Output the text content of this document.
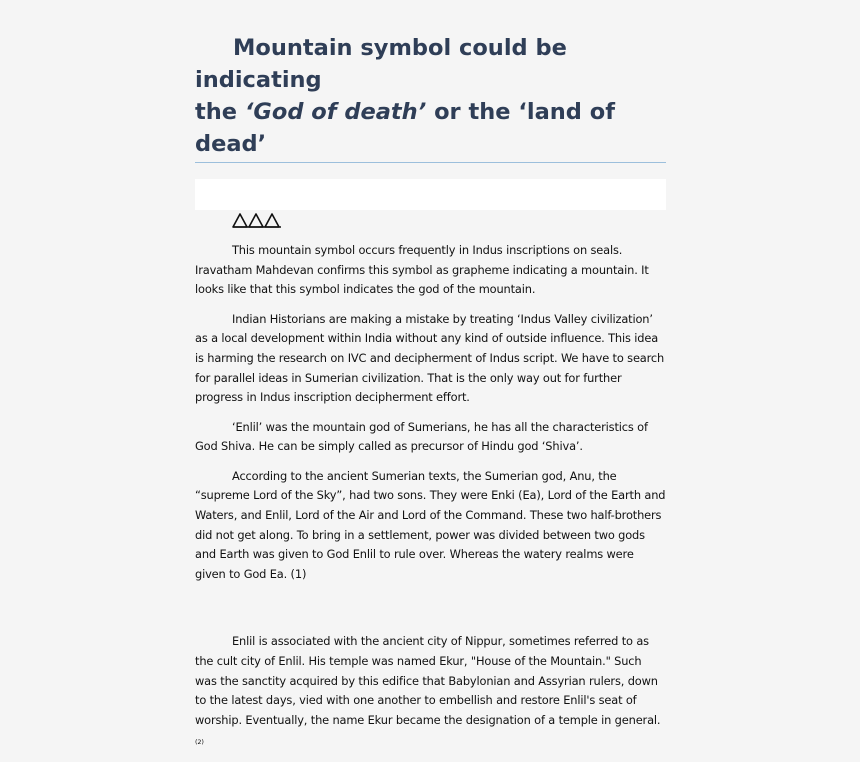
Mountain symbol could be indicating
the ‘God of death’ or the ‘land of dead’

This mountain symbol occurs frequently in Indus inscriptions on seals. Iravatham Mahdevan confirms this symbol as grapheme indicating a mountain. It looks like that this symbol indicates the god of the mountain.

Indian Historians are making a mistake by treating ‘Indus Valley civilization’ as a local development within India without any kind of outside influence. This idea is harming the research on IVC and decipherment of Indus script. We have to search for parallel ideas in Sumerian civilization. That is the only way out for further progress in Indus inscription decipherment effort.

‘Enlil’ was the mountain god of Sumerians, he has all the characteristics of God Shiva. He can be simply called as precursor of Hindu god ‘Shiva’.

According to the ancient Sumerian texts, the Sumerian god, Anu, the “supreme Lord of the Sky”, had two sons. They were Enki (Ea), Lord of the Earth and Waters, and Enlil, Lord of the Air and Lord of the Command. These two half-brothers did not get along. To bring in a settlement, power was divided between two gods and Earth was given to God Enlil to rule over. Whereas the watery realms were given to God Ea. (1)

Enlil is associated with the ancient city of Nippur, sometimes referred to as the cult city of Enlil. His temple was named Ekur, "House of the Mountain." Such was the sanctity acquired by this edifice that Babylonian and Assyrian rulers, down to the latest days, vied with one another to embellish and restore Enlil's seat of worship. Eventually, the name Ekur became the designation of a temple in general. (2)
